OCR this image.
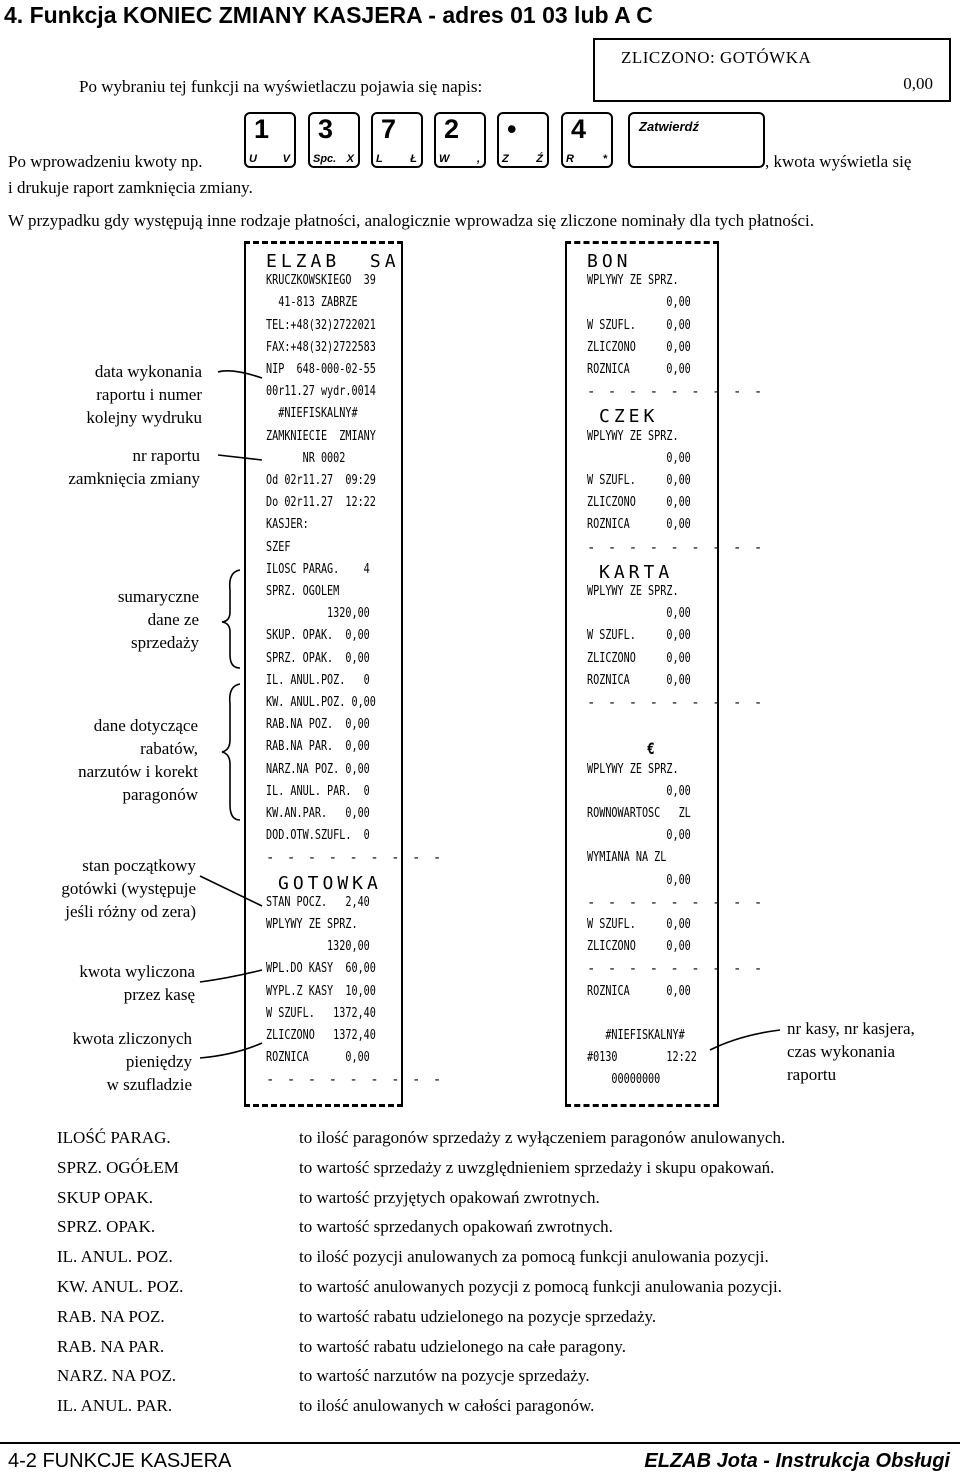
4. Funkcja KONIEC ZMIANY KASJERA - adres 01 03 lub A C
Po wybraniu tej funkcji na wyświetlaczu pojawia się napis:
ZLICZONO: GOTÓWKA
0,00
Po wprowadzeniu kwoty np.	, kwota wyświetla się
i drukuje raport zamknięcia zmiany.
W przypadku gdy występują inne rodzaje płatności, analogicznie wprowadza się zliczone nominały dla tych płatności.
1
U V
3
Spc. X
7
L	Ł
2
W	,
•
Z	Ź
4
R	*
Zatwierdź
ELZAB  SA
KRUCZKOWSKIEGO  39
41-813 ZABRZE
TEL:+48(32)2722021
FAX:+48(32)2722583
NIP  648-000-02-55
00r11.27 wydr.0014
#NIEFISKALNY#
ZAMKNIECIE  ZMIANY
NR 0002
Od 02r11.27  09:29
Do 02r11.27  12:22
KASJER:
SZEF
ILOSC PARAG.    4
SPRZ. OGOLEM
1320,00
SKUP. OPAK.  0,00
SPRZ. OPAK.  0,00
IL. ANUL.POZ.   0
KW. ANUL.POZ. 0,00
RAB.NA POZ.  0,00
RAB.NA PAR.  0,00
NARZ.NA POZ. 0,00
IL. ANUL. PAR.  0
KW.AN.PAR.   0,00
DOD.OTW.SZUFL.  0
- - - - - - - - -
GOTOWKA
STAN POCZ.   2,40
WPLYWY ZE SPRZ.
1320,00
WPL.DO KASY  60,00
WYPL.Z KASY  10,00
W SZUFL.   1372,40
ZLICZONO   1372,40
ROZNICA      0,00
- - - - - - - - -
BON
WPLYWY ZE SPRZ.
0,00
W SZUFL.     0,00
ZLICZONO     0,00
ROZNICA      0,00
- - - - - - - - -
CZEK
WPLYWY ZE SPRZ.
0,00
W SZUFL.     0,00
ZLICZONO     0,00
ROZNICA      0,00
- - - - - - - - -
KARTA
WPLYWY ZE SPRZ.
0,00
W SZUFL.     0,00
ZLICZONO     0,00
ROZNICA      0,00
- - - - - - - - -
€
WPLYWY ZE SPRZ.
0,00
ROWNOWARTOSC   ZL
0,00
WYMIANA NA ZL
0,00
- - - - - - - - -
W SZUFL.     0,00
ZLICZONO     0,00
- - - - - - - - -
ROZNICA      0,00
#NIEFISKALNY#
#0130        12:22
00000000
data wykonania
raportu i numer
kolejny wydruku
nr raportu
zamknięcia zmiany
sumaryczne
dane ze
sprzedaży
dane dotyczące
rabatów,
narzutów i korekt
paragonów
stan początkowy
gotówki (występuje
jeśli różny od zera)
kwota wyliczona
przez kasę
kwota zliczonych
pieniędzy
w szufladzie
nr kasy, nr kasjera,
czas wykonania
raportu
ILOŚĆ PARAG.	to ilość paragonów sprzedaży z wyłączeniem paragonów anulowanych.
SPRZ. OGÓŁEM	to wartość sprzedaży z uwzględnieniem sprzedaży i skupu opakowań.
SKUP OPAK.	to wartość przyjętych opakowań zwrotnych.
SPRZ. OPAK.	to wartość sprzedanych opakowań zwrotnych.
IL. ANUL. POZ.	to ilość pozycji anulowanych za pomocą funkcji anulowania pozycji.
KW. ANUL. POZ.	to wartość anulowanych pozycji z pomocą funkcji anulowania pozycji.
RAB. NA POZ.	to wartość rabatu udzielonego na pozycje sprzedaży.
RAB. NA PAR.	to wartość rabatu udzielonego na całe paragony.
NARZ. NA POZ.	to wartość narzutów na pozycje sprzedaży.
IL. ANUL. PAR.	to ilość anulowanych w całości paragonów.
4-2 FUNKCJE KASJERA	ELZAB Jota - Instrukcja Obsługi
